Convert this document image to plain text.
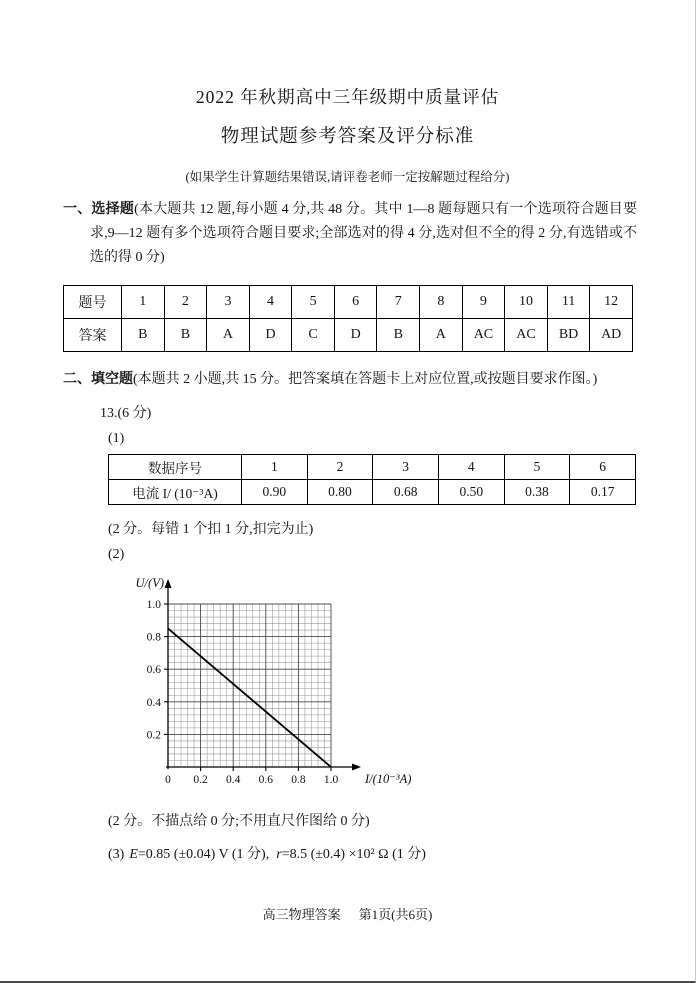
2022 年秋期高中三年级期中质量评估
物理试题参考答案及评分标准
(如果学生计算题结果错误,请评卷老师一定按解题过程给分)

一、选择题(本大题共 12 题,每小题 4 分,共 48 分。其中 1—8 题每题只有一个选项符合题目要求,9—12 题有多个选项符合题目要求;全部选对的得 4 分,选对但不全的得 2 分,有选错或不选的得 0 分)

题号	1	2	3	4	5	6	7	8	9	10	11	12
答案	B	B	A	D	C	D	B	A	AC	AC	BD	AD

二、填空题(本题共 2 小题,共 15 分。把答案填在答题卡上对应位置,或按题目要求作图。)

13.(6 分)
(1)
数据序号	1	2	3	4	5	6
电流 I/ (10⁻³A)	0.90	0.80	0.68	0.50	0.38	0.17
(2 分。每错 1 个扣 1 分,扣完为止)
(2)
0.2
0.4
0.6
0.8
1.0
0 0.2 0.4 0.6 0.8 1.0
U/(V)
I/(10⁻³A)
(2 分。不描点给 0 分;不用直尺作图给 0 分)
(3) E=0.85 (±0.04) V (1 分), r=8.5 (±0.4) ×10² Ω (1 分)
高三物理答案 第1页(共6页)
